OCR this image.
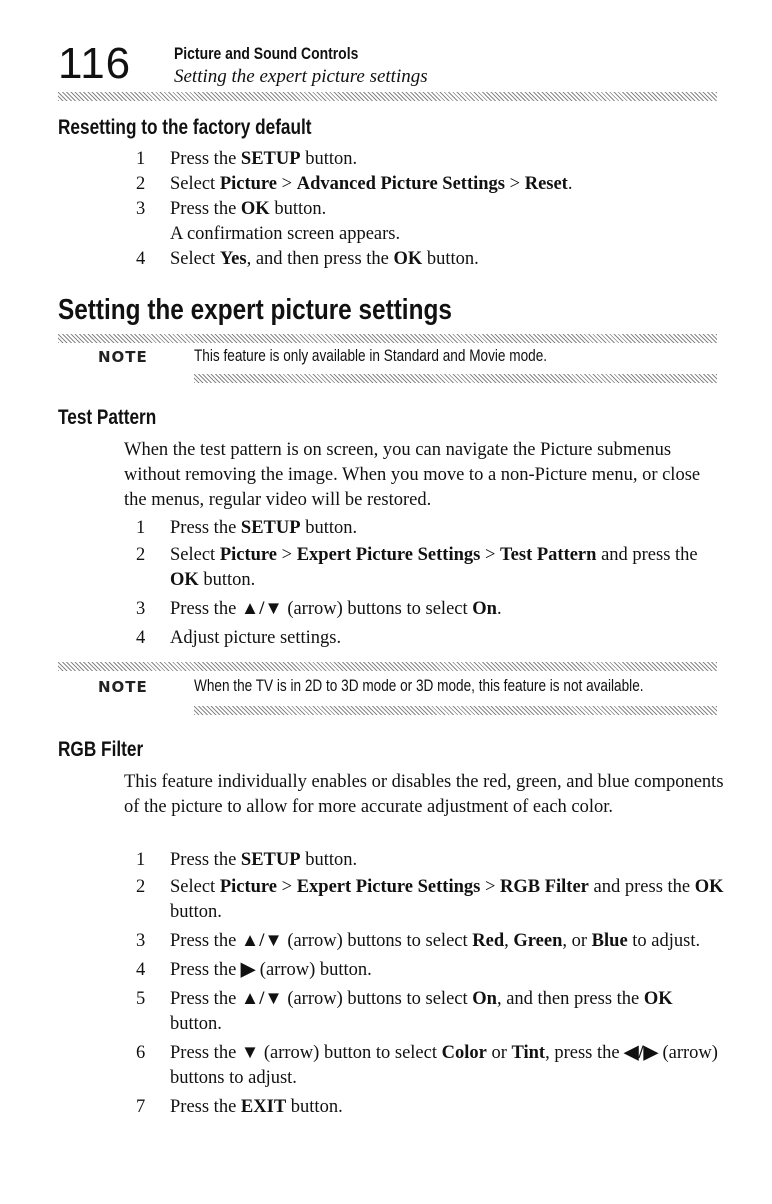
116	Picture and Sound Controls
Setting the expert picture settings
Resetting to the factory default
1 Press the SETUP button.
2 Select Picture > Advanced Picture Settings > Reset.
3 Press the OK button.
A confirmation screen appears.
4 Select Yes, and then press the OK button.
Setting the expert picture settings
NOTE	This feature is only available in Standard and Movie mode.
Test Pattern

When the test pattern is on screen, you can navigate the Picture submenus without removing the image. When you move to a non-Picture menu, or close the menus, regular video will be restored.

1 Press the SETUP button.
2 Select Picture > Expert Picture Settings > Test Pattern and press the OK button.
3 Press the ▲/▼ (arrow) buttons to select On.
4 Adjust picture settings.
NOTE	When the TV is in 2D to 3D mode or 3D mode, this feature is not available.
RGB Filter

This feature individually enables or disables the red, green, and blue components of the picture to allow for more accurate adjustment of each color.

1 Press the SETUP button.
2 Select Picture > Expert Picture Settings > RGB Filter and press the OK button.
3 Press the ▲/▼ (arrow) buttons to select Red, Green, or Blue to adjust.
4 Press the ▶ (arrow) button.
5 Press the ▲/▼ (arrow) buttons to select On, and then press the OK button.
6 Press the ▼ (arrow) button to select Color or Tint, press the ◀/▶ (arrow) buttons to adjust.
7 Press the EXIT button.
